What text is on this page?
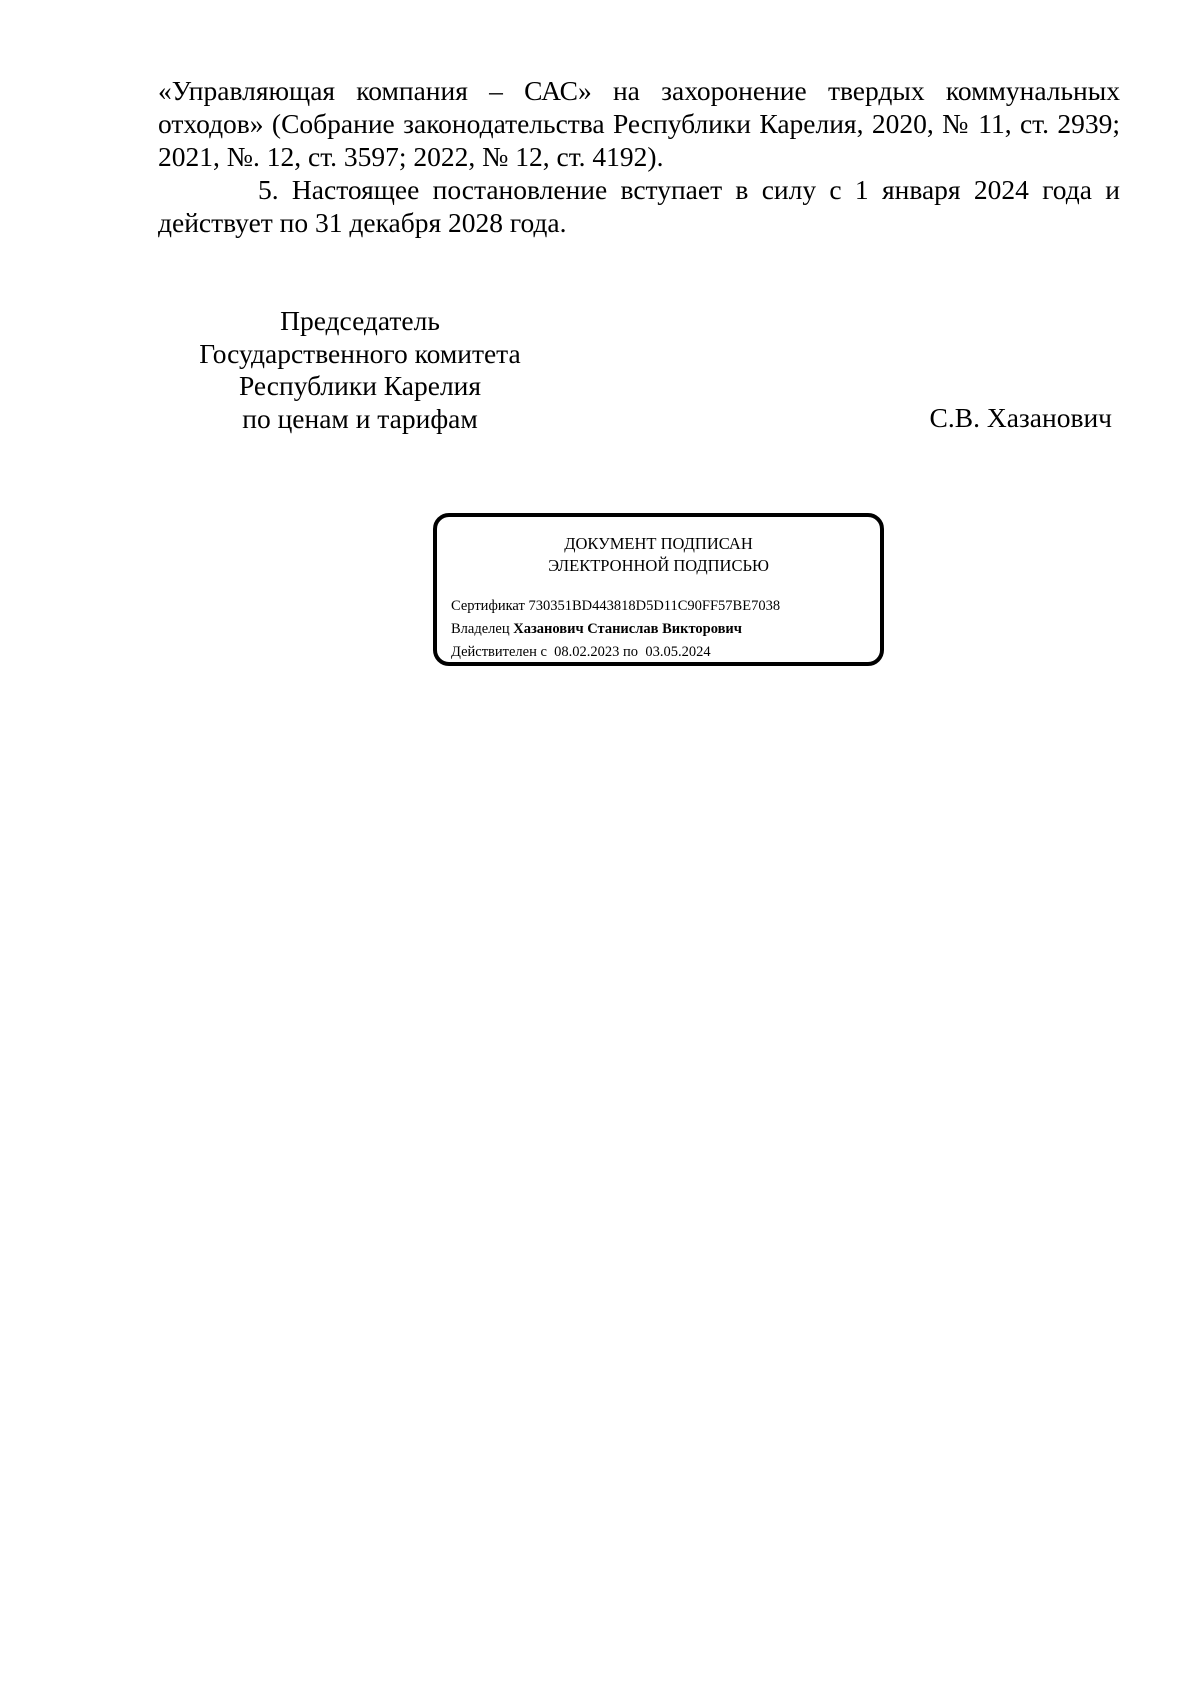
«Управляющая компания – САС» на захоронение твердых коммунальных отходов» (Собрание законодательства Республики Карелия, 2020, № 11, ст. 2939; 2021, №. 12, ст. 3597; 2022, № 12, ст. 4192).

5. Настоящее постановление вступает в силу с 1 января 2024 года и действует по 31 декабря 2028 года.

Председатель
Государственного комитета
Республики Карелия
по ценам и тарифам	С.В. Хазанович
ДОКУМЕНТ ПОДПИСАН
ЭЛЕКТРОННОЙ ПОДПИСЬЮ
Сертификат 730351BD443818D5D11C90FF57BE7038
Владелец Хазанович Станислав Викторович
Действителен с 08.02.2023 по 03.05.2024
